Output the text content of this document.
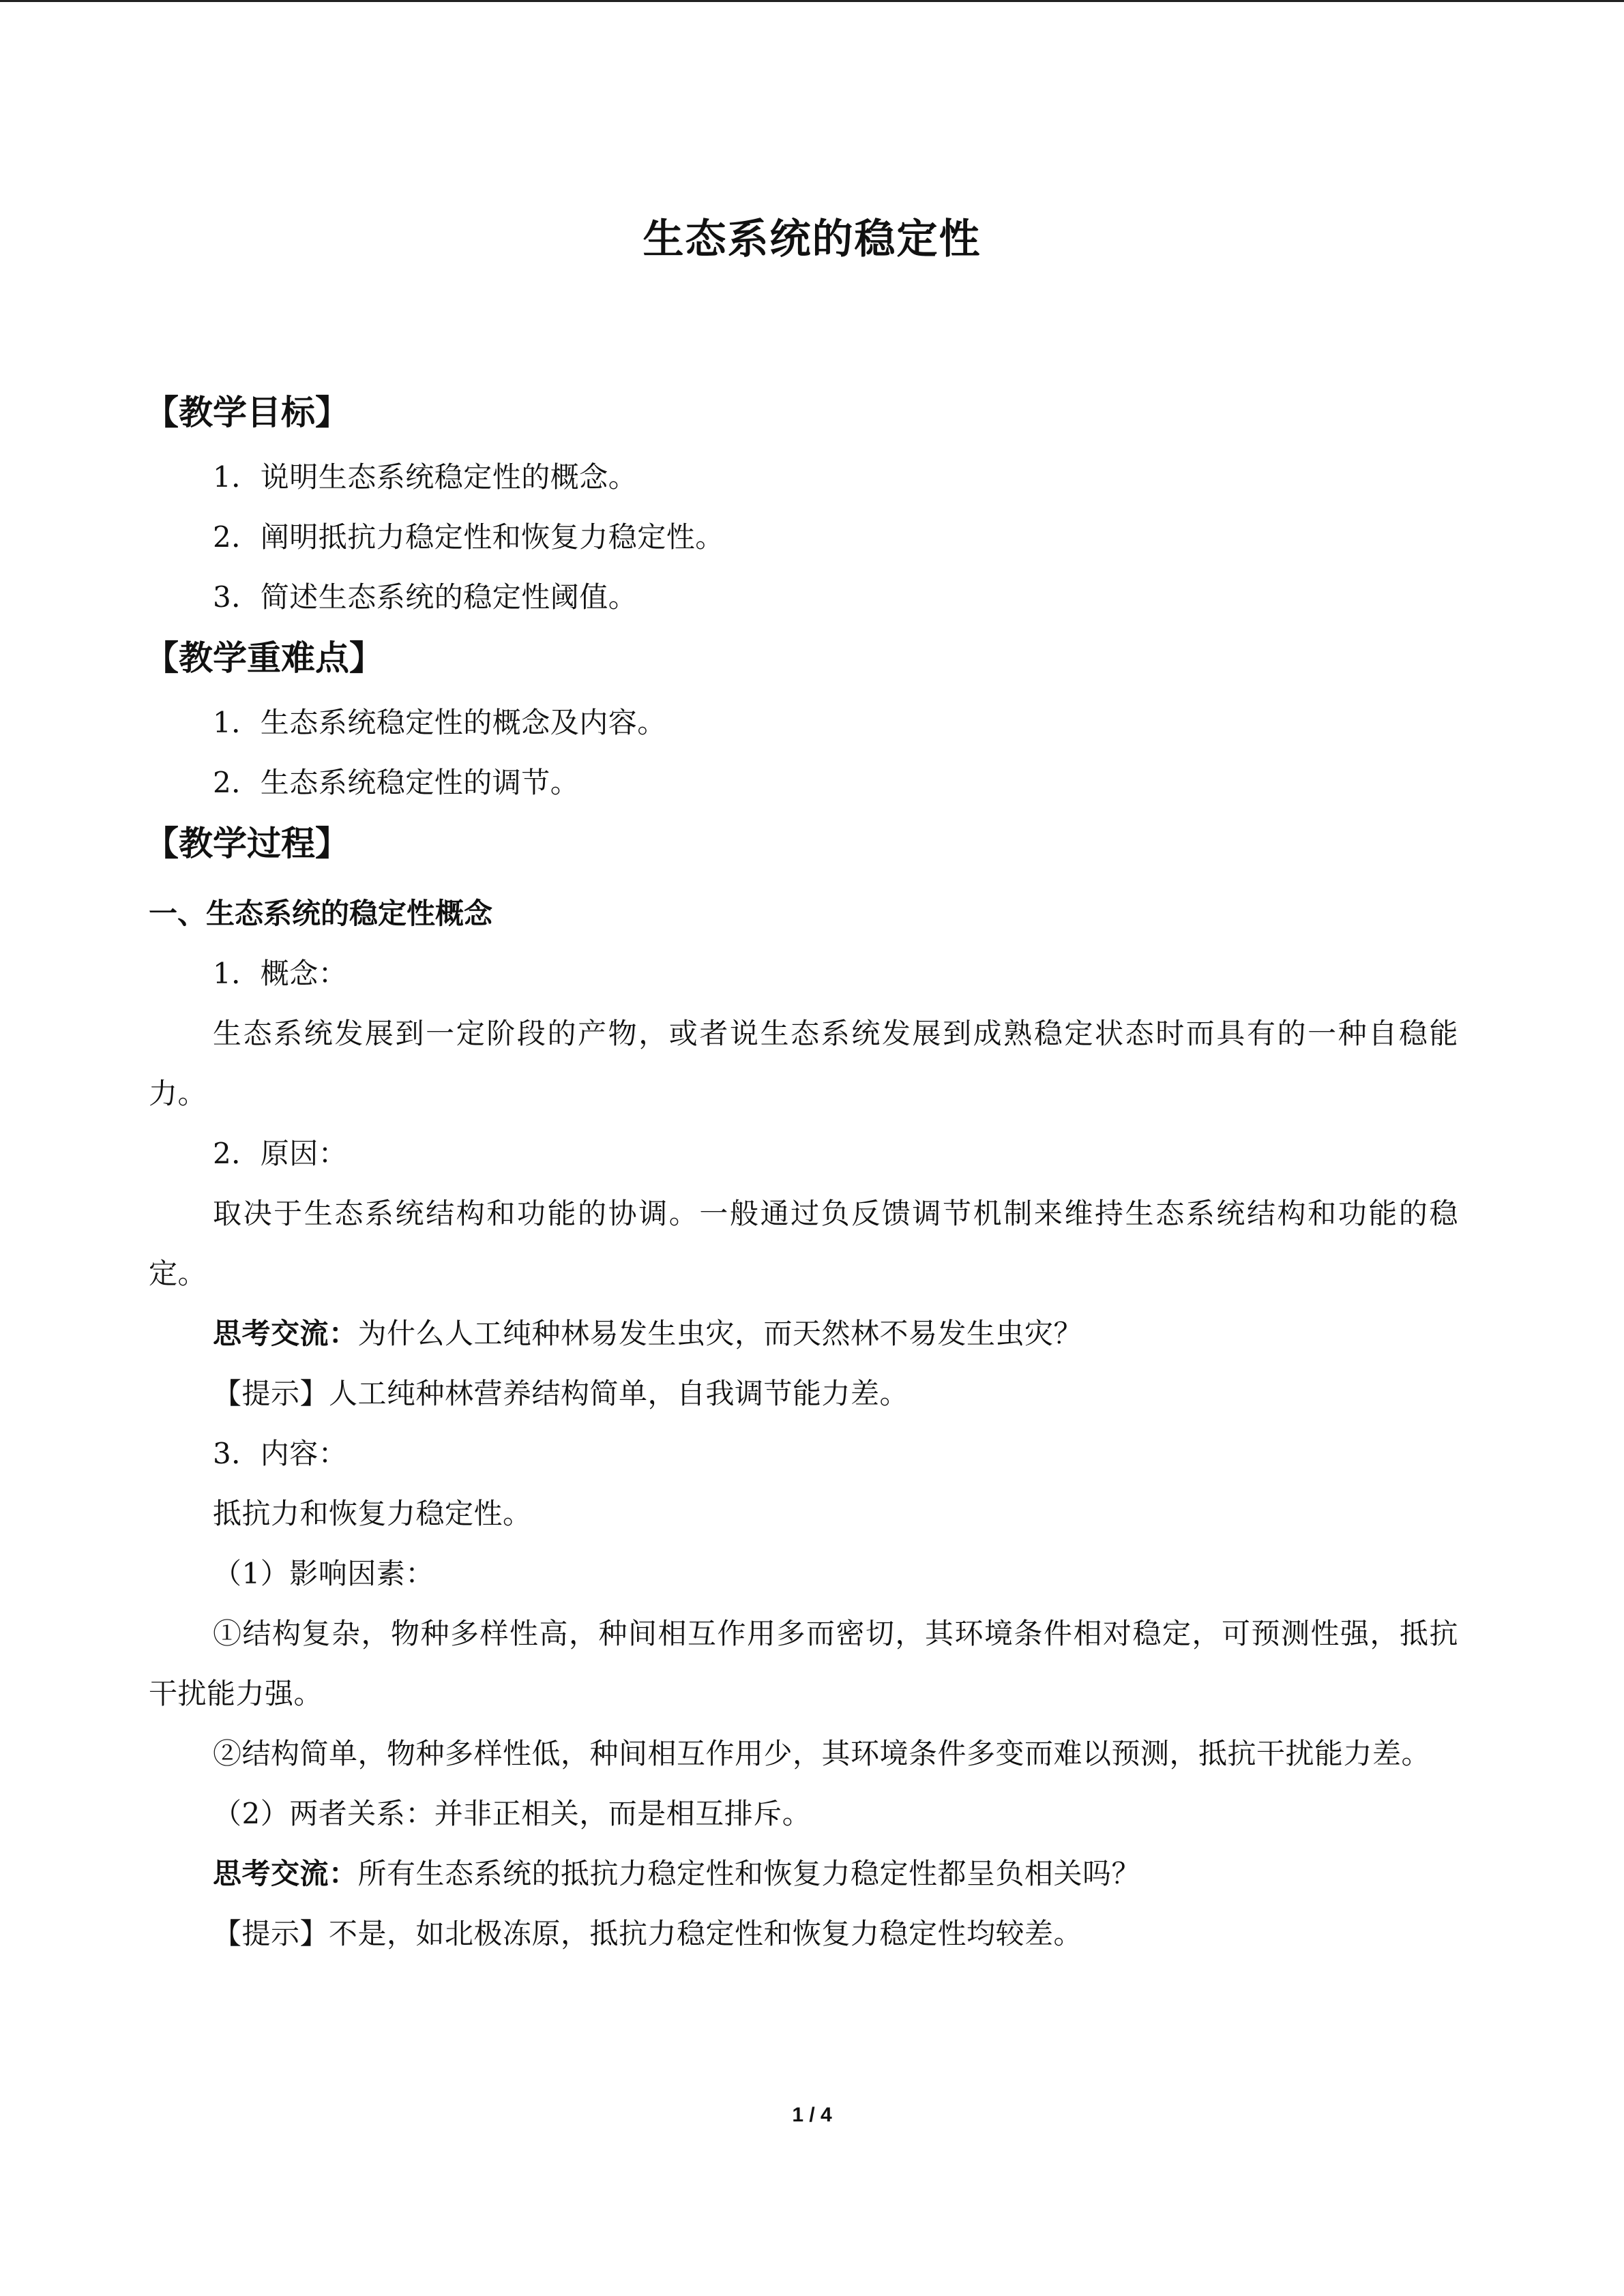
生态系统的稳定性
【教学目标】
1．说明生态系统稳定性的概念。
2．阐明抵抗力稳定性和恢复力稳定性。
3．简述生态系统的稳定性阈值。
【教学重难点】
1．生态系统稳定性的概念及内容。
2．生态系统稳定性的调节。
【教学过程】
一、生态系统的稳定性概念
1．概念：
生态系统发展到一定阶段的产物，或者说生态系统发展到成熟稳定状态时而具有的一种自稳能力。
2．原因：
取决于生态系统结构和功能的协调。一般通过负反馈调节机制来维持生态系统结构和功能的稳定。
思考交流：为什么人工纯种林易发生虫灾，而天然林不易发生虫灾？
【提示】人工纯种林营养结构简单，自我调节能力差。
3．内容：
抵抗力和恢复力稳定性。
（1）影响因素：
①结构复杂，物种多样性高，种间相互作用多而密切，其环境条件相对稳定，可预测性强，抵抗干扰能力强。
②结构简单，物种多样性低，种间相互作用少，其环境条件多变而难以预测，抵抗干扰能力差。
（2）两者关系：并非正相关，而是相互排斥。
思考交流：所有生态系统的抵抗力稳定性和恢复力稳定性都呈负相关吗？
【提示】不是，如北极冻原，抵抗力稳定性和恢复力稳定性均较差。
1 / 4
